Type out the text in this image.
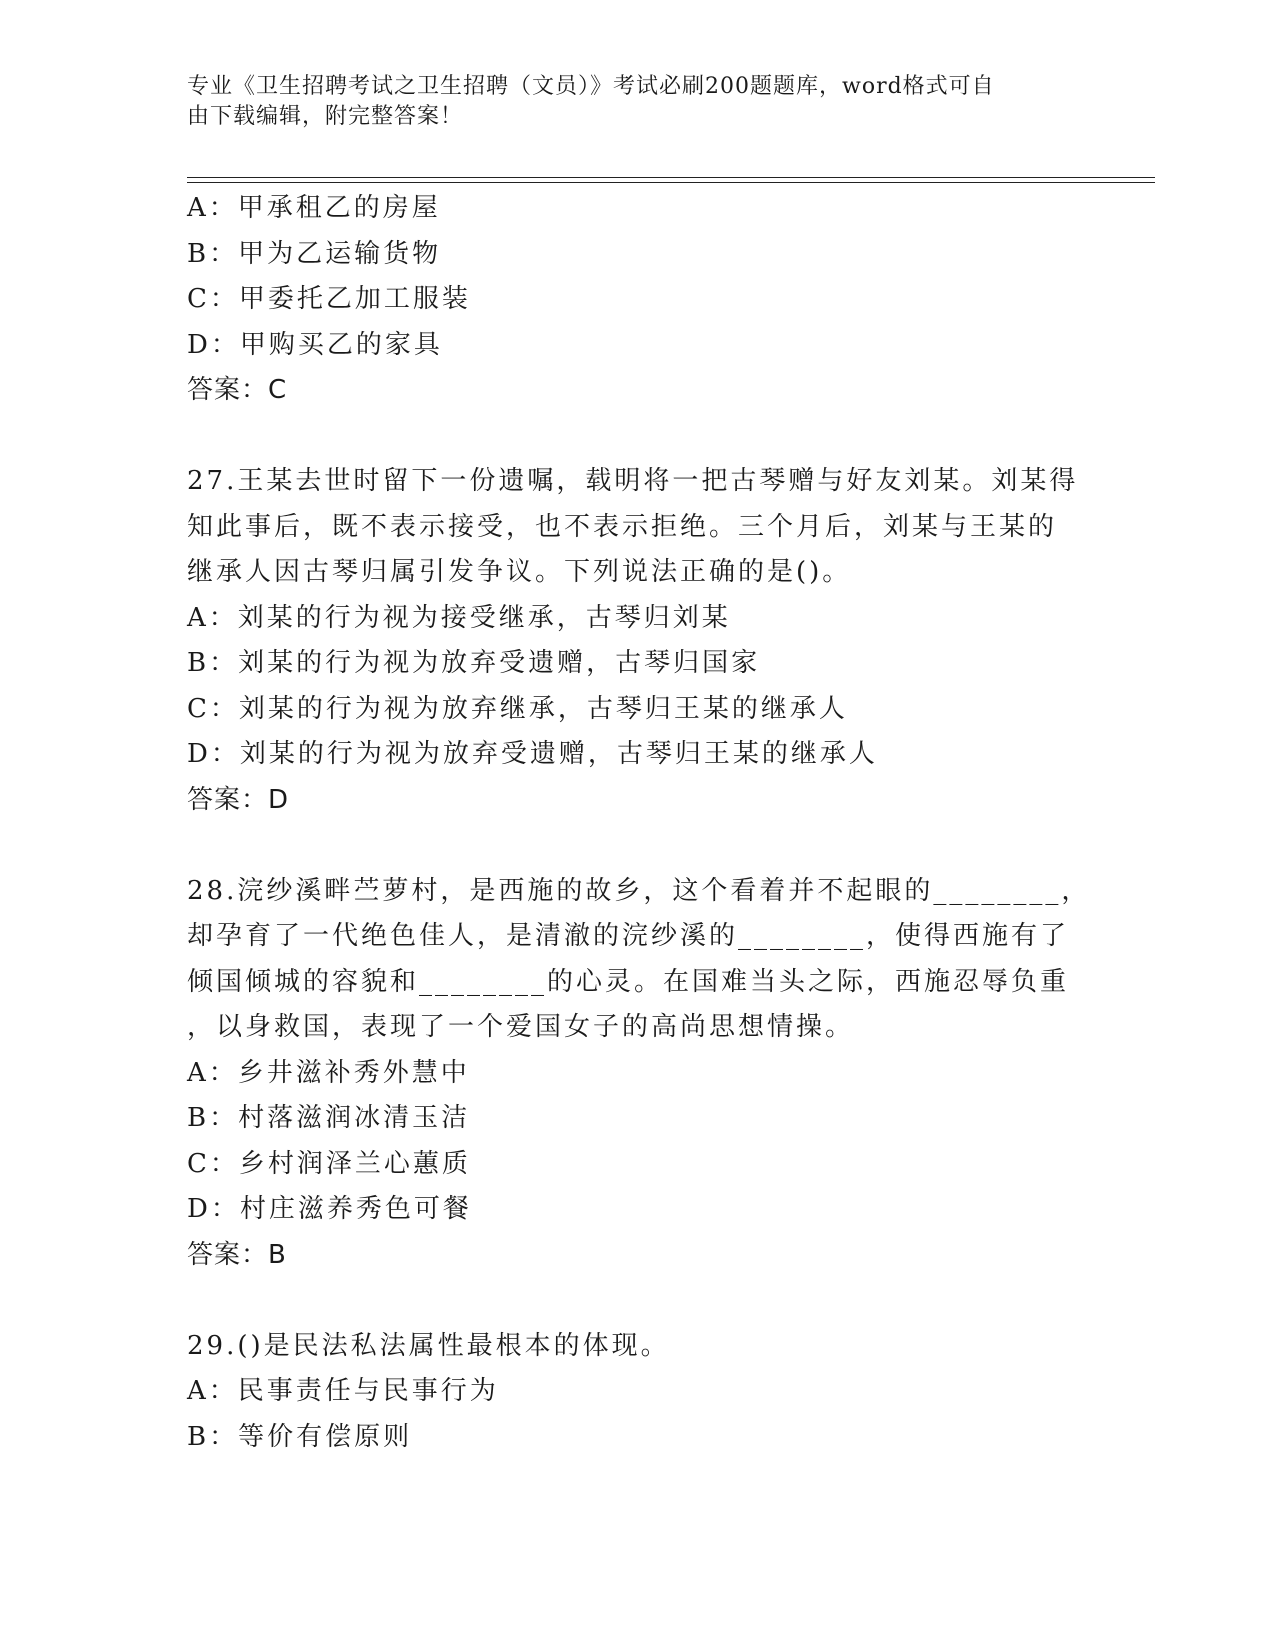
专业《卫生招聘考试之卫生招聘（文员）》考试必刷200题题库，word格式可自
由下载编辑，附完整答案！
A：甲承租乙的房屋
B：甲为乙运输货物
C：甲委托乙加工服装
D：甲购买乙的家具
答案：C
27.王某去世时留下一份遗嘱，载明将一把古琴赠与好友刘某。刘某得
知此事后，既不表示接受，也不表示拒绝。三个月后，刘某与王某的
继承人因古琴归属引发争议。下列说法正确的是()。
A：刘某的行为视为接受继承，古琴归刘某
B：刘某的行为视为放弃受遗赠，古琴归国家
C：刘某的行为视为放弃继承，古琴归王某的继承人
D：刘某的行为视为放弃受遗赠，古琴归王某的继承人
答案：D
28.浣纱溪畔苎萝村，是西施的故乡，这个看着并不起眼的________，
却孕育了一代绝色佳人，是清澈的浣纱溪的________，使得西施有了
倾国倾城的容貌和________的心灵。在国难当头之际，西施忍辱负重
，以身救国，表现了一个爱国女子的高尚思想情操。
A：乡井滋补秀外慧中
B：村落滋润冰清玉洁
C：乡村润泽兰心蕙质
D：村庄滋养秀色可餐
答案：B
29.()是民法私法属性最根本的体现。
A：民事责任与民事行为
B：等价有偿原则
